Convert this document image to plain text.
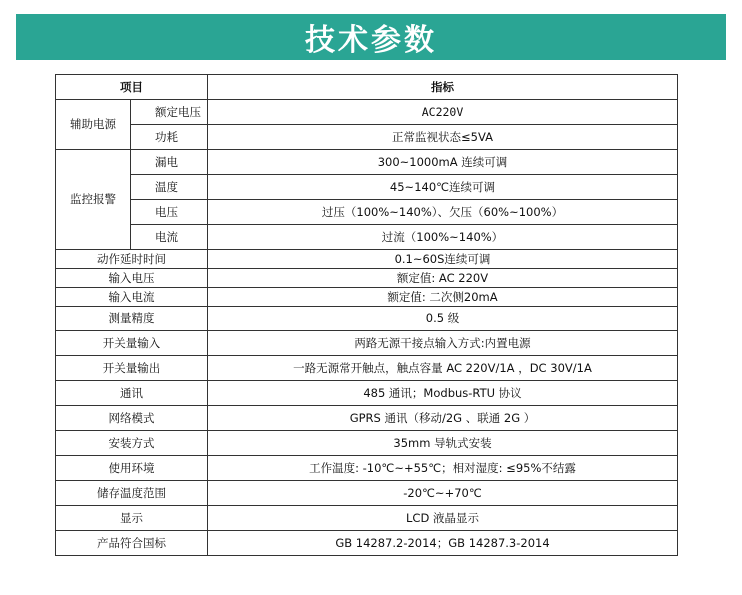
技术参数
项目		指标
辅助电源	额定电压	AC220V
	功耗	正常监视状态≤5VA
监控报警	漏电	300~1000mA 连续可调
	温度	45~140℃连续可调
	电压	过压（100%~140%）、欠压（60%~100%）
	电流	过流（100%~140%）
动作延时时间		0.1~60S连续可调
输入电压		额定值: AC 220V
输入电流		额定值: 二次侧20mA
测量精度		0.5 级
开关量输入		两路无源干接点输入方式:内置电源
开关量输出		一路无源常开触点，触点容量 AC 220V/1A ，DC 30V/1A
通讯		485 通讯；Modbus-RTU 协议
网络模式		GPRS 通讯（移动/2G 、联通 2G ）
安装方式		35mm 导轨式安装
使用环境		工作温度: -10℃~+55℃；相对湿度: ≤95%不结露
储存温度范围		-20℃~+70℃
显示		LCD 液晶显示
产品符合国标		GB 14287.2-2014；GB 14287.3-2014
